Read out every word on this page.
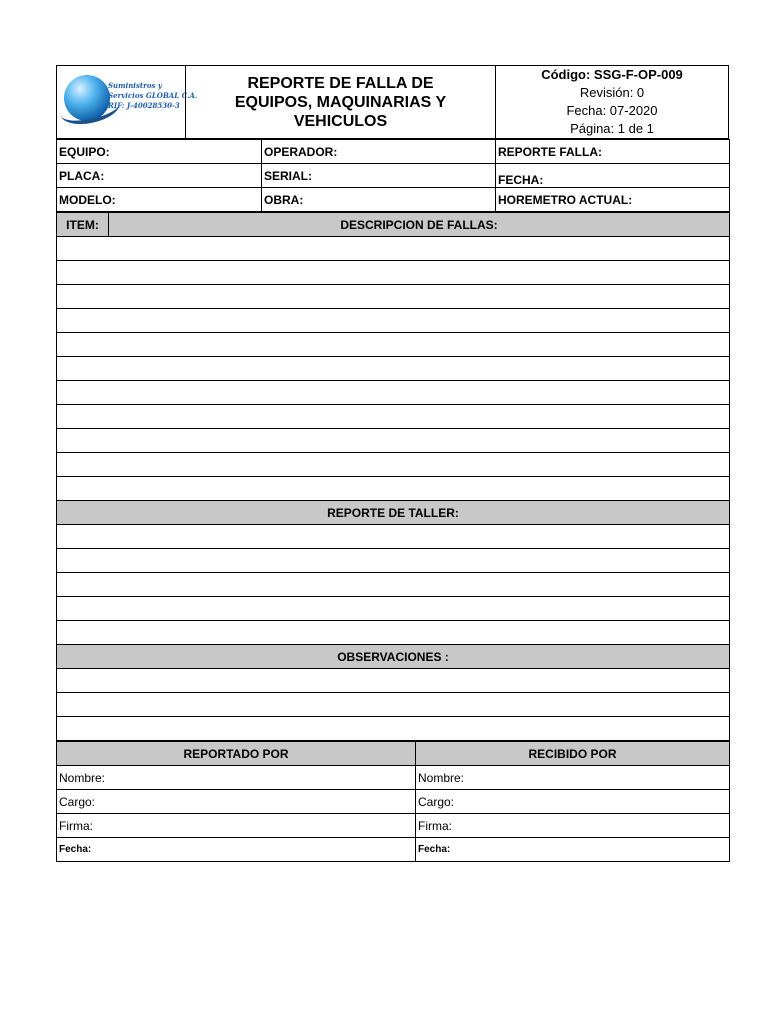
Suministros y
Servicios GLOBAL C.A.
RIF: J-40028530-3

REPORTE DE FALLA DE
EQUIPOS, MAQUINARIAS Y
VEHICULOS

Código: SSG-F-OP-009
Revisión: 0
Fecha: 07-2020
Página: 1 de 1
EQUIPO:	OPERADOR:	REPORTE FALLA:
PLACA:	SERIAL:	FECHA:
MODELO:	OBRA:	HOREMETRO ACTUAL:
ITEM:	DESCRIPCION DE FALLAS:

REPORTE DE TALLER:

OBSERVACIONES :

REPORTADO POR	RECIBIDO POR
Nombre:	Nombre:
Cargo:	Cargo:
Firma:	Firma:
Fecha:	Fecha:
